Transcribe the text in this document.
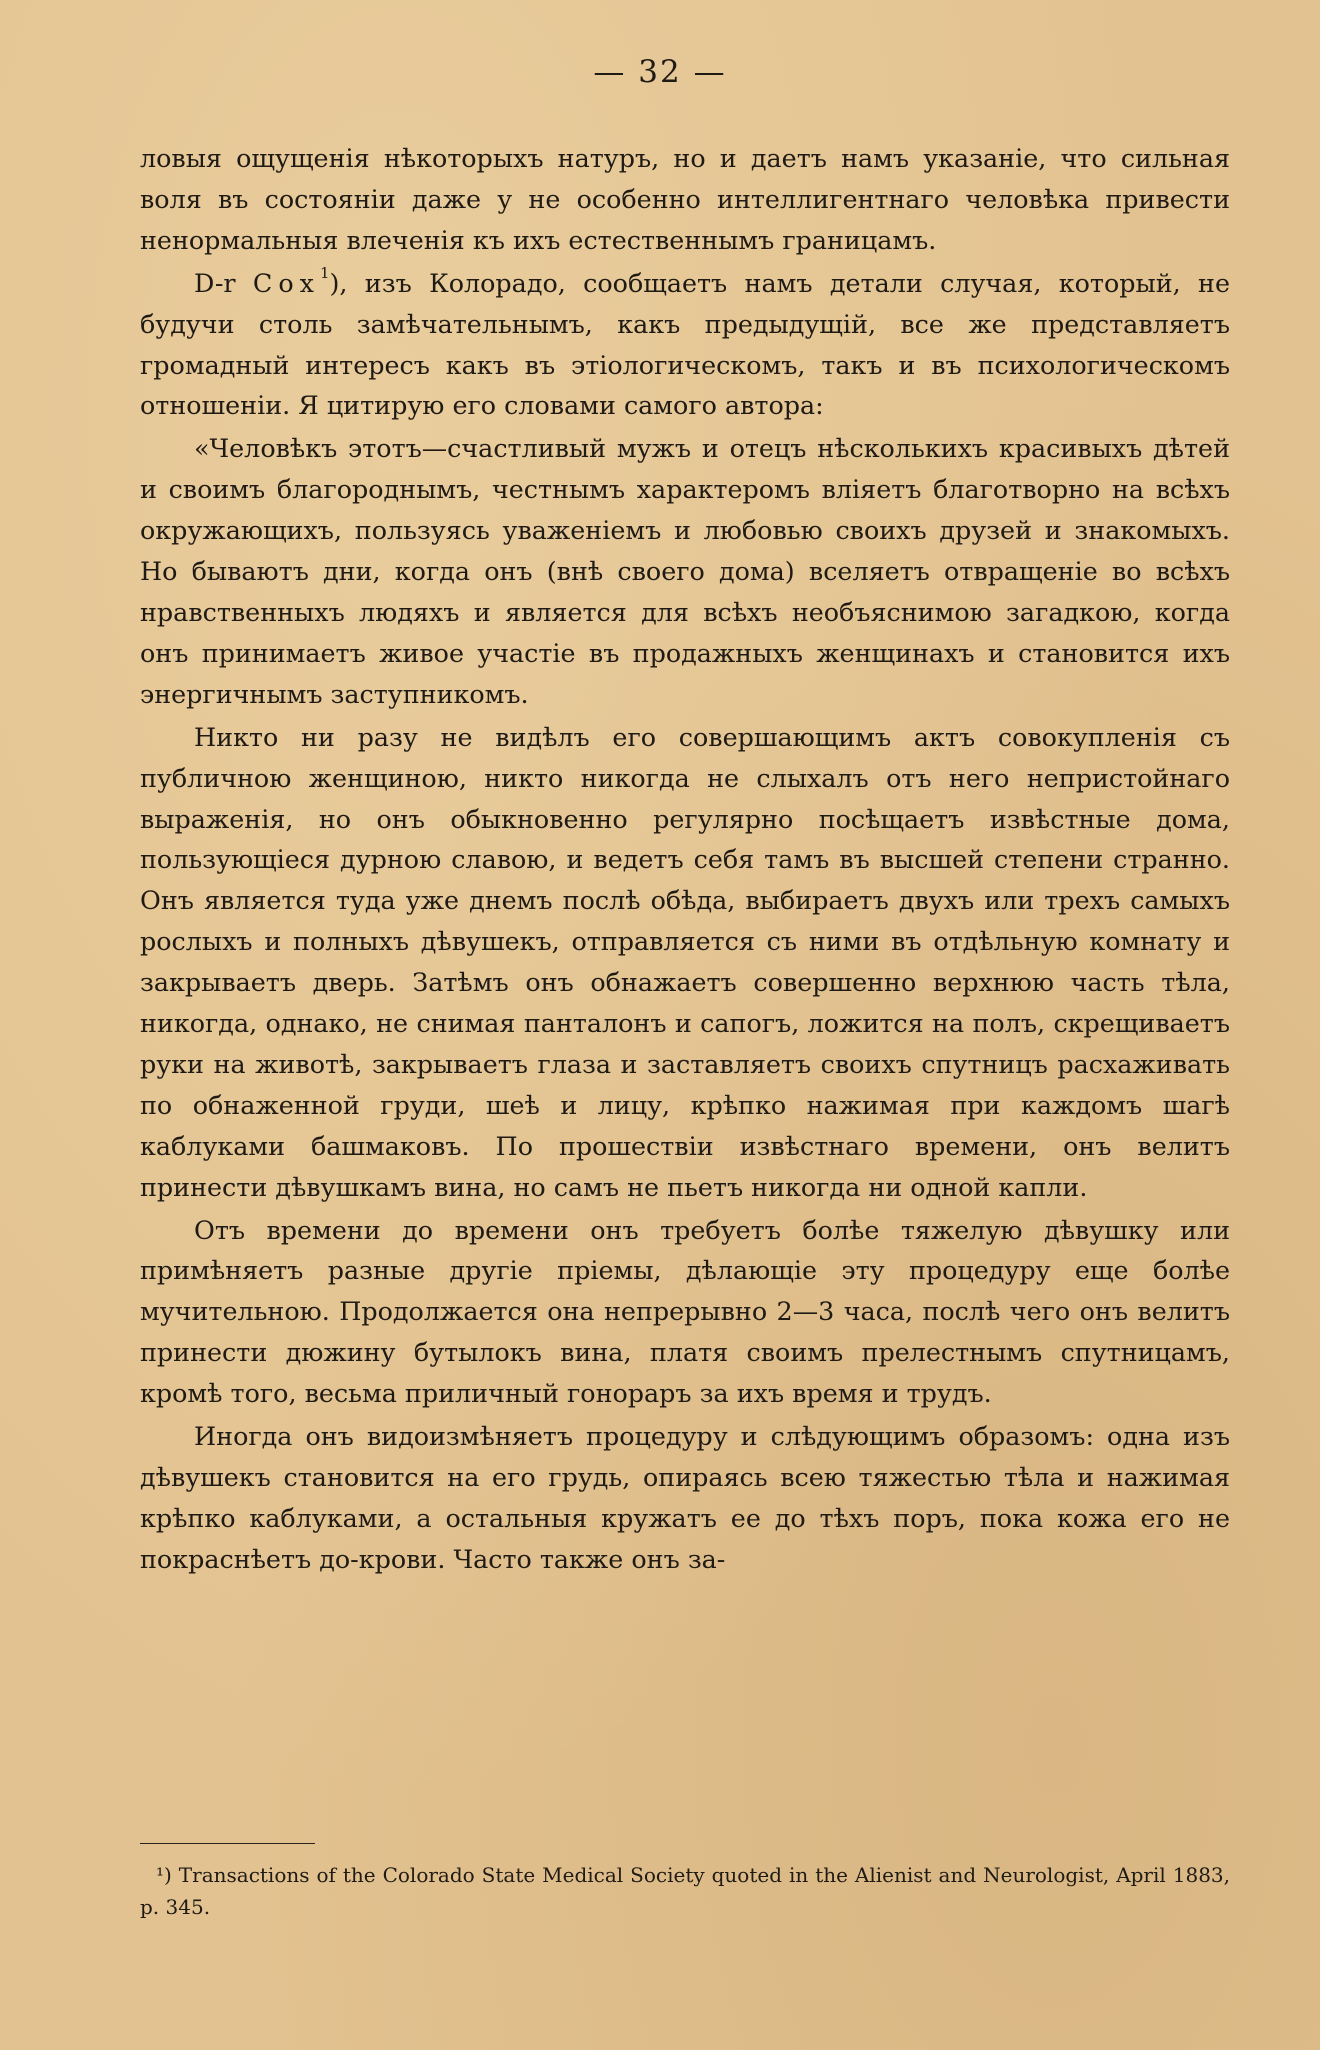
— 32 —

ловыя ощущенія нѣкоторыхъ натуръ, но и даетъ намъ указаніе, что сильная воля въ состояніи даже у не особенно интеллигентнаго человѣка привести ненормальныя влеченія къ ихъ естественнымъ границамъ.

D-r Cox$^1$), изъ Колорадо, сообщаетъ намъ детали случая, который, не будучи столь замѣчательнымъ, какъ предыдущій, все же представляетъ громадный интересъ какъ въ этіологическомъ, такъ и въ психологическомъ отношеніи. Я цитирую его словами самого автора:

«Человѣкъ этотъ—счастливый мужъ и отецъ нѣсколькихъ красивыхъ дѣтей и своимъ благороднымъ, честнымъ характеромъ вліяетъ благотворно на всѣхъ окружающихъ, пользуясь уваженіемъ и любовью своихъ друзей и знакомыхъ. Но бываютъ дни, когда онъ (внѣ своего дома) вселяетъ отвращеніе во всѣхъ нравственныхъ людяхъ и является для всѣхъ необъяснимою загадкою, когда онъ принимаетъ живое участіе въ продажныхъ женщинахъ и становится ихъ энергичнымъ заступникомъ.

Никто ни разу не видѣлъ его совершающимъ актъ совокупленія съ публичною женщиною, никто никогда не слыхалъ отъ него непристойнаго выраженія, но онъ обыкновенно регулярно посѣщаетъ извѣстные дома, пользующіеся дурною славою, и ведетъ себя тамъ въ высшей степени странно. Онъ является туда уже днемъ послѣ обѣда, выбираетъ двухъ или трехъ самыхъ рослыхъ и полныхъ дѣвушекъ, отправляется съ ними въ отдѣльную комнату и закрываетъ дверь. Затѣмъ онъ обнажаетъ совершенно верхнюю часть тѣла, никогда, однако, не снимая панталонъ и сапогъ, ложится на полъ, скрещиваетъ руки на животѣ, закрываетъ глаза и заставляетъ своихъ спутницъ расхаживать по обнаженной груди, шеѣ и лицу, крѣпко нажимая при каждомъ шагѣ каблуками башмаковъ. По прошествіи извѣстнаго времени, онъ велитъ принести дѣвушкамъ вина, но самъ не пьетъ никогда ни одной капли.

Отъ времени до времени онъ требуетъ болѣе тяжелую дѣвушку или примѣняетъ разные другіе пріемы, дѣлающіе эту процедуру еще болѣе мучительною. Продолжается она непрерывно 2—3 часа, послѣ чего онъ велитъ принести дюжину бутылокъ вина, платя своимъ прелестнымъ спутницамъ, кромѣ того, весьма приличный гонораръ за ихъ время и трудъ.

Иногда онъ видоизмѣняетъ процедуру и слѣдующимъ образомъ: одна изъ дѣвушекъ становится на его грудь, опираясь всею тяжестью тѣла и нажимая крѣпко каблуками, а остальныя кружатъ ее до тѣхъ поръ, пока кожа его не покраснѣетъ до-крови. Часто также онъ за-

¹) Transactions of the Colorado State Medical Society quoted in the Alienist and Neurologist, April 1883, p. 345.
